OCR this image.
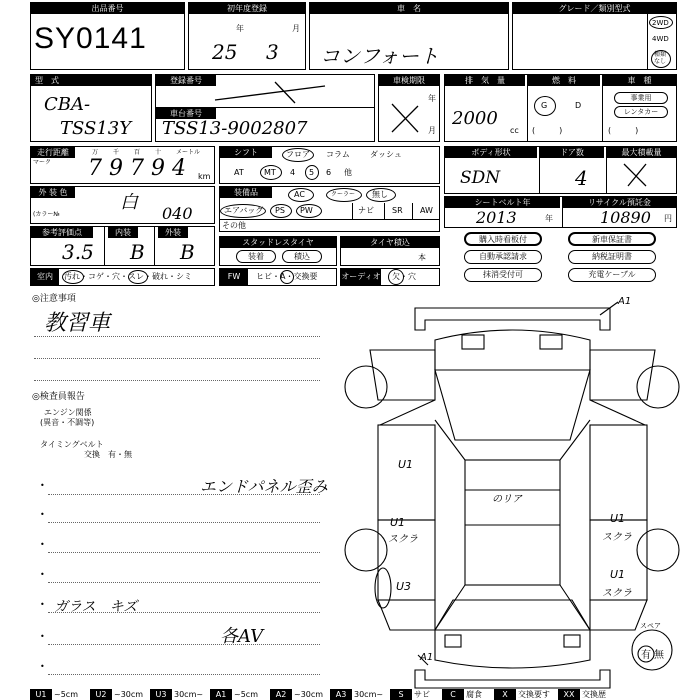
出品番号
SY0141
初年度登録
年	月
25 3
車　名
コンフォート
グレード／類別型式
2WD
4WD
種類
なし
型　式
CBA-
TSS13Y
登録番号
車台番号
TSS13-9002807
車検期限
年
月
排　気　量	燃　料	車　種
2000
cc
G	D
(　　　)
事業用
レンタカー
(　　　)
走行距離
マーク
万 千 百 十 メートル
7 9 7 9 4 km
シフト	フロア コラム	ダッシュ
AT	MT 4 5 6 他
ボディ形状	ドア数	最大積載量
SDN	4
外 装 色	白
(カラー№	040
装備品	AC	クーラー 無し
エアバッグ PS PW	ナビ SR AW
その他
シートベルト年	リサイクル預託金
2013	年	10890 円
購入時看板付	新車保証書
自動承認請求	納税証明書
抹消受付可	充電ケーブル
参考評価点	内装	外装
3.5 B B	スタッドレスタイヤ
装着	積込
タイヤ積込
本
室内	汚れ・コゲ・穴・スレ・破れ・シミ	FW	ヒビ・A・交換要	オーディオ 欠・穴
◎注意事項
教習車
◎検査員報告
エンジン関係
(異音・不調等)
タイミングベルト
交換　有・無
•	エンドパネル歪み
•
•
•
• ガラス　キズ
•	各AV
•
A1
A1
のリア
U1
U1
スクラ
U3
U1
スクラ
U1
スクラ
スペア
有 無
U1 ~5cm	U2 ~30cm	U3 30cm~	A1 ~5cm	A2 ~30cm	A3 30cm~	S	サビ	C	腐食	X	交換要す	XX 交換歴
